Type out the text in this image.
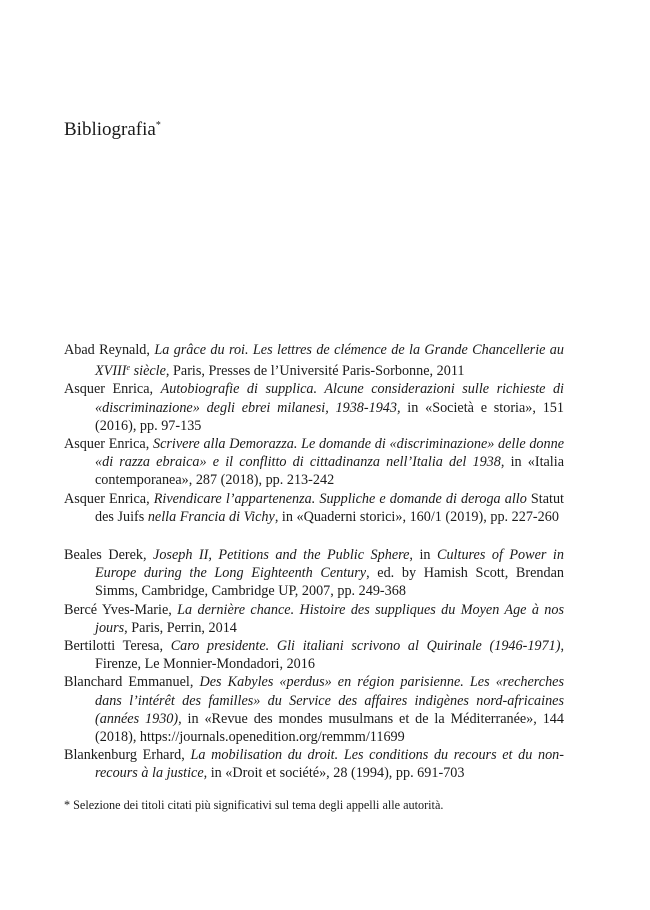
Bibliografia*

Abad Reynald, La grâce du roi. Les lettres de clémence de la Grande Chancellerie au XVIIIe siècle, Paris, Presses de l’Université Paris-Sorbonne, 2011

Asquer Enrica, Autobiografie di supplica. Alcune considerazioni sulle richieste di «discriminazione» degli ebrei milanesi, 1938-1943, in «Società e storia», 151 (2016), pp. 97-135

Asquer Enrica, Scrivere alla Demorazza. Le domande di «discriminazione» delle donne «di razza ebraica» e il conflitto di cittadinanza nell’Italia del 1938, in «Italia contemporanea», 287 (2018), pp. 213-242

Asquer Enrica, Rivendicare l’appartenenza. Suppliche e domande di deroga allo Statut des Juifs nella Francia di Vichy, in «Quaderni storici», 160/1 (2019), pp. 227-260

Beales Derek, Joseph II, Petitions and the Public Sphere, in Cultures of Power in Europe during the Long Eighteenth Century, ed. by Hamish Scott, Brendan Simms, Cambridge, Cambridge UP, 2007, pp. 249-368

Bercé Yves-Marie, La dernière chance. Histoire des suppliques du Moyen Age à nos jours, Paris, Perrin, 2014

Bertilotti Teresa, Caro presidente. Gli italiani scrivono al Quirinale (1946-1971), Firenze, Le Monnier-Mondadori, 2016

Blanchard Emmanuel, Des Kabyles «perdus» en région parisienne. Les «recherches dans l’intérêt des familles» du Service des affaires indigènes nord-africaines (années 1930), in «Revue des mondes musulmans et de la Méditerranée», 144 (2018), https://journals.openedition.org/remmm/11699

Blankenburg Erhard, La mobilisation du droit. Les conditions du recours et du non-recours à la justice, in «Droit et société», 28 (1994), pp. 691-703

* Selezione dei titoli citati più significativi sul tema degli appelli alle autorità.
